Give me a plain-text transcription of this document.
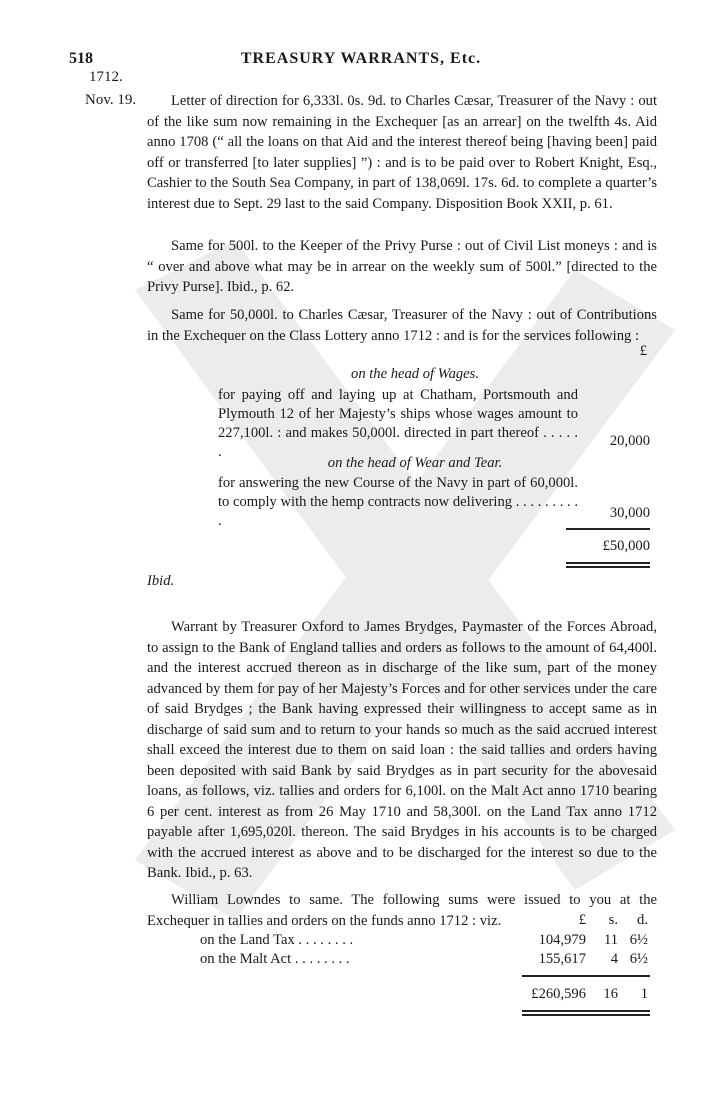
518	TREASURY WARRANTS, Etc.
1712.
Nov. 19.	Letter of direction for 6,333l. 0s. 9d. to Charles Cæsar, Treasurer of the Navy : out of the like sum now remaining in the Exchequer [as an arrear] on the twelfth 4s. Aid anno 1708 (“ all the loans on that Aid and the interest thereof being [having been] paid off or transferred [to later supplies] ”) : and is to be paid over to Robert Knight, Esq., Cashier to the South Sea Company, in part of 138,069l. 17s. 6d. to complete a quarter’s interest due to Sept. 29 last to the said Company. Disposition Book XXII, p. 61.
Same for 500l. to the Keeper of the Privy Purse : out of Civil List moneys : and is “ over and above what may be in arrear on the weekly sum of 500l.” [directed to the Privy Purse]. Ibid., p. 62.
Same for 50,000l. to Charles Cæsar, Treasurer of the Navy : out of Contributions in the Exchequer on the Class Lottery anno 1712 : and is for the services following :
£
on the head of Wages.
for paying off and laying up at Chatham, Portsmouth and Plymouth 12 of her Majesty’s ships whose wages amount to 227,100l. : and makes 50,000l. directed in part thereof . . . . . .
20,000
on the head of Wear and Tear.
for answering the new Course of the Navy in part of 60,000l. to comply with the hemp contracts now delivering . . . . . . . . . .	30,000
£50,000
Ibid.
Warrant by Treasurer Oxford to James Brydges, Paymaster of the Forces Abroad, to assign to the Bank of England tallies and orders as follows to the amount of 64,400l. and the interest accrued thereon as in discharge of the like sum, part of the money advanced by them for pay of her Majesty’s Forces and for other services under the care of said Brydges ; the Bank having expressed their willingness to accept same as in discharge of said sum and to return to your hands so much as the said accrued interest shall exceed the interest due to them on said loan : the said tallies and orders having been deposited with said Bank by said Brydges as in part security for the abovesaid loans, as follows, viz. tallies and orders for 6,100l. on the Malt Act anno 1710 bearing 6 per cent. interest as from 26 May 1710 and 58,300l. on the Land Tax anno 1712 payable after 1,695,020l. thereon. The said Brydges in his accounts is to be charged with the accrued interest as above and to be discharged for the interest so due to the Bank. Ibid., p. 63.
William Lowndes to same. The following sums were issued to you at the Exchequer in tallies and orders on the funds anno 1712 : viz.	£	s.	d.
on the Land Tax . . . . . . . .	104,979	11 6½
on the Malt Act . . . . . . . .	155,617	4 6½
£260,596	16	1
